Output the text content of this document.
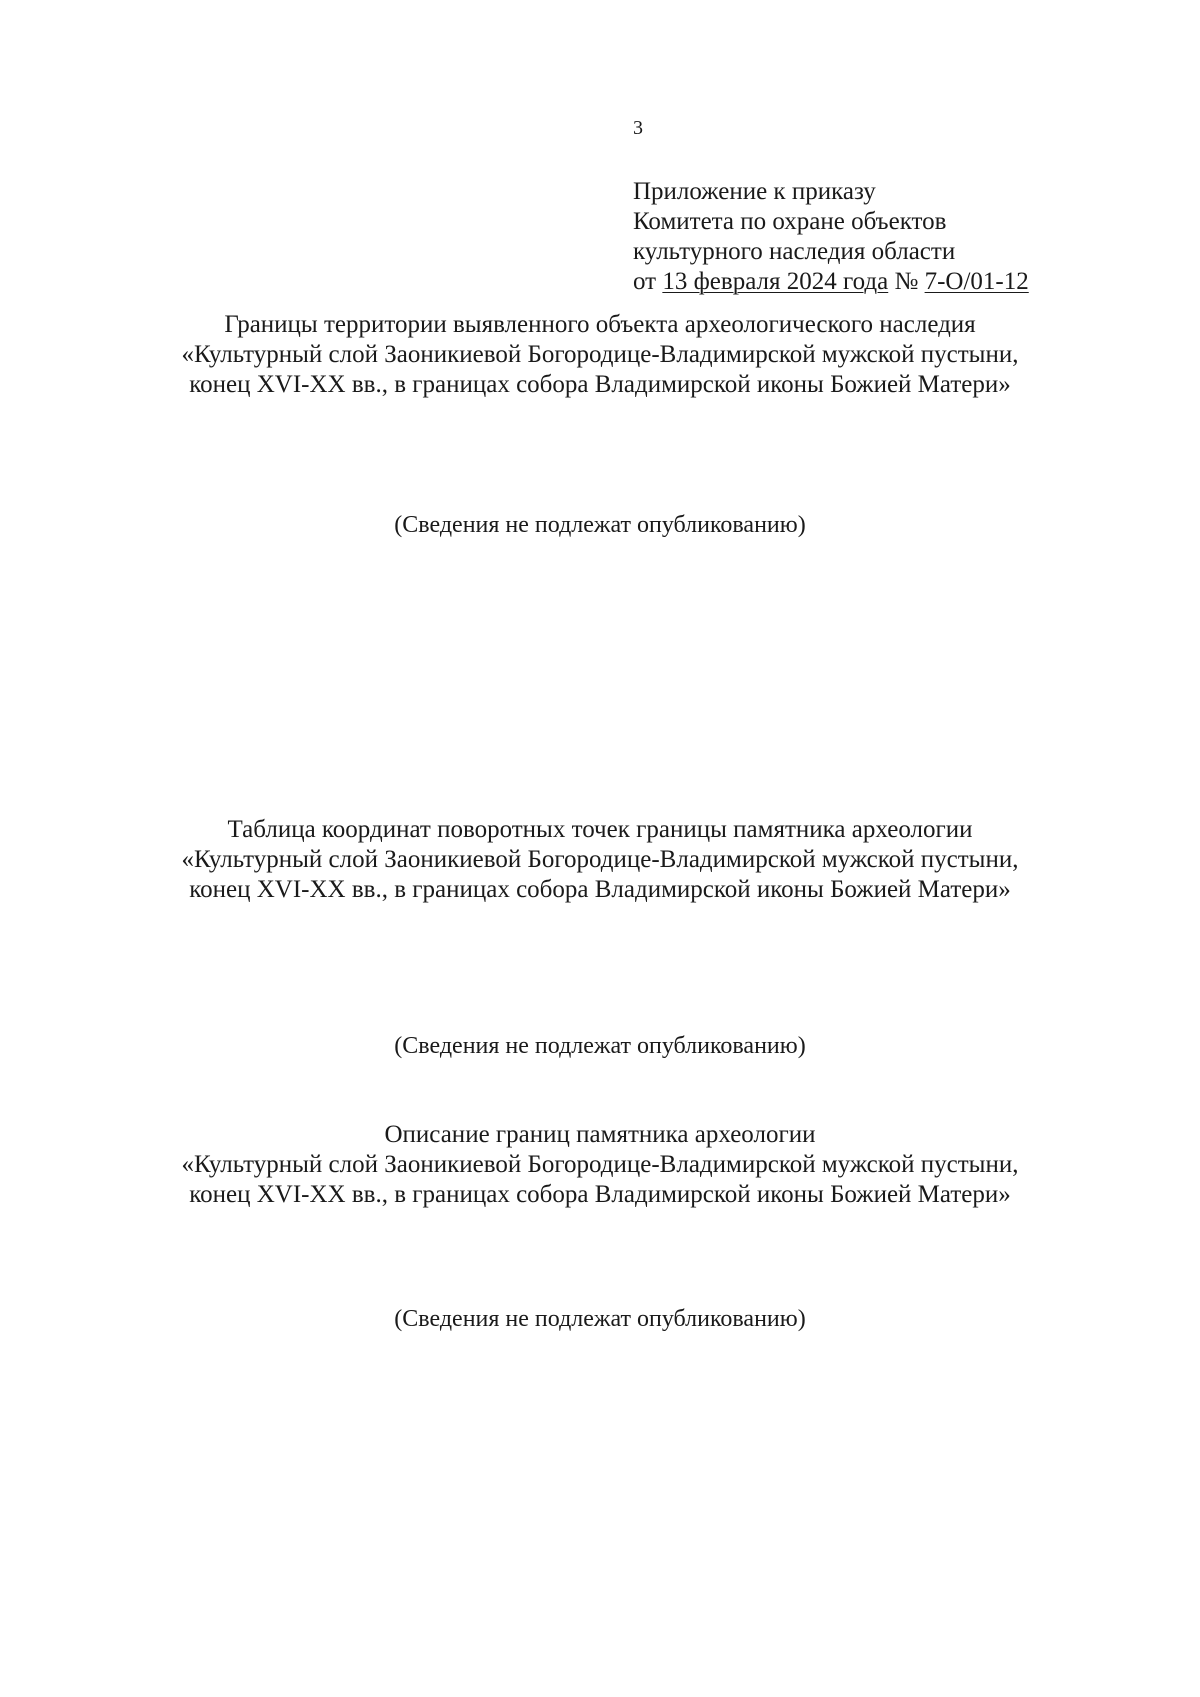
3
Приложение к приказу
Комитета по охране объектов
культурного наследия области
от 13 февраля 2024 года № 7-О/01-12
Границы территории выявленного объекта археологического наследия
«Культурный слой Заоникиевой Богородице-Владимирской мужской пустыни,
конец XVI-XX вв., в границах собора Владимирской иконы Божией Матери»
(Сведения не подлежат опубликованию)
Таблица координат поворотных точек границы памятника археологии
«Культурный слой Заоникиевой Богородице-Владимирской мужской пустыни,
конец XVI-XX вв., в границах собора Владимирской иконы Божией Матери»
(Сведения не подлежат опубликованию)
Описание границ памятника археологии
«Культурный слой Заоникиевой Богородице-Владимирской мужской пустыни,
конец XVI-XX вв., в границах собора Владимирской иконы Божией Матери»
(Сведения не подлежат опубликованию)
